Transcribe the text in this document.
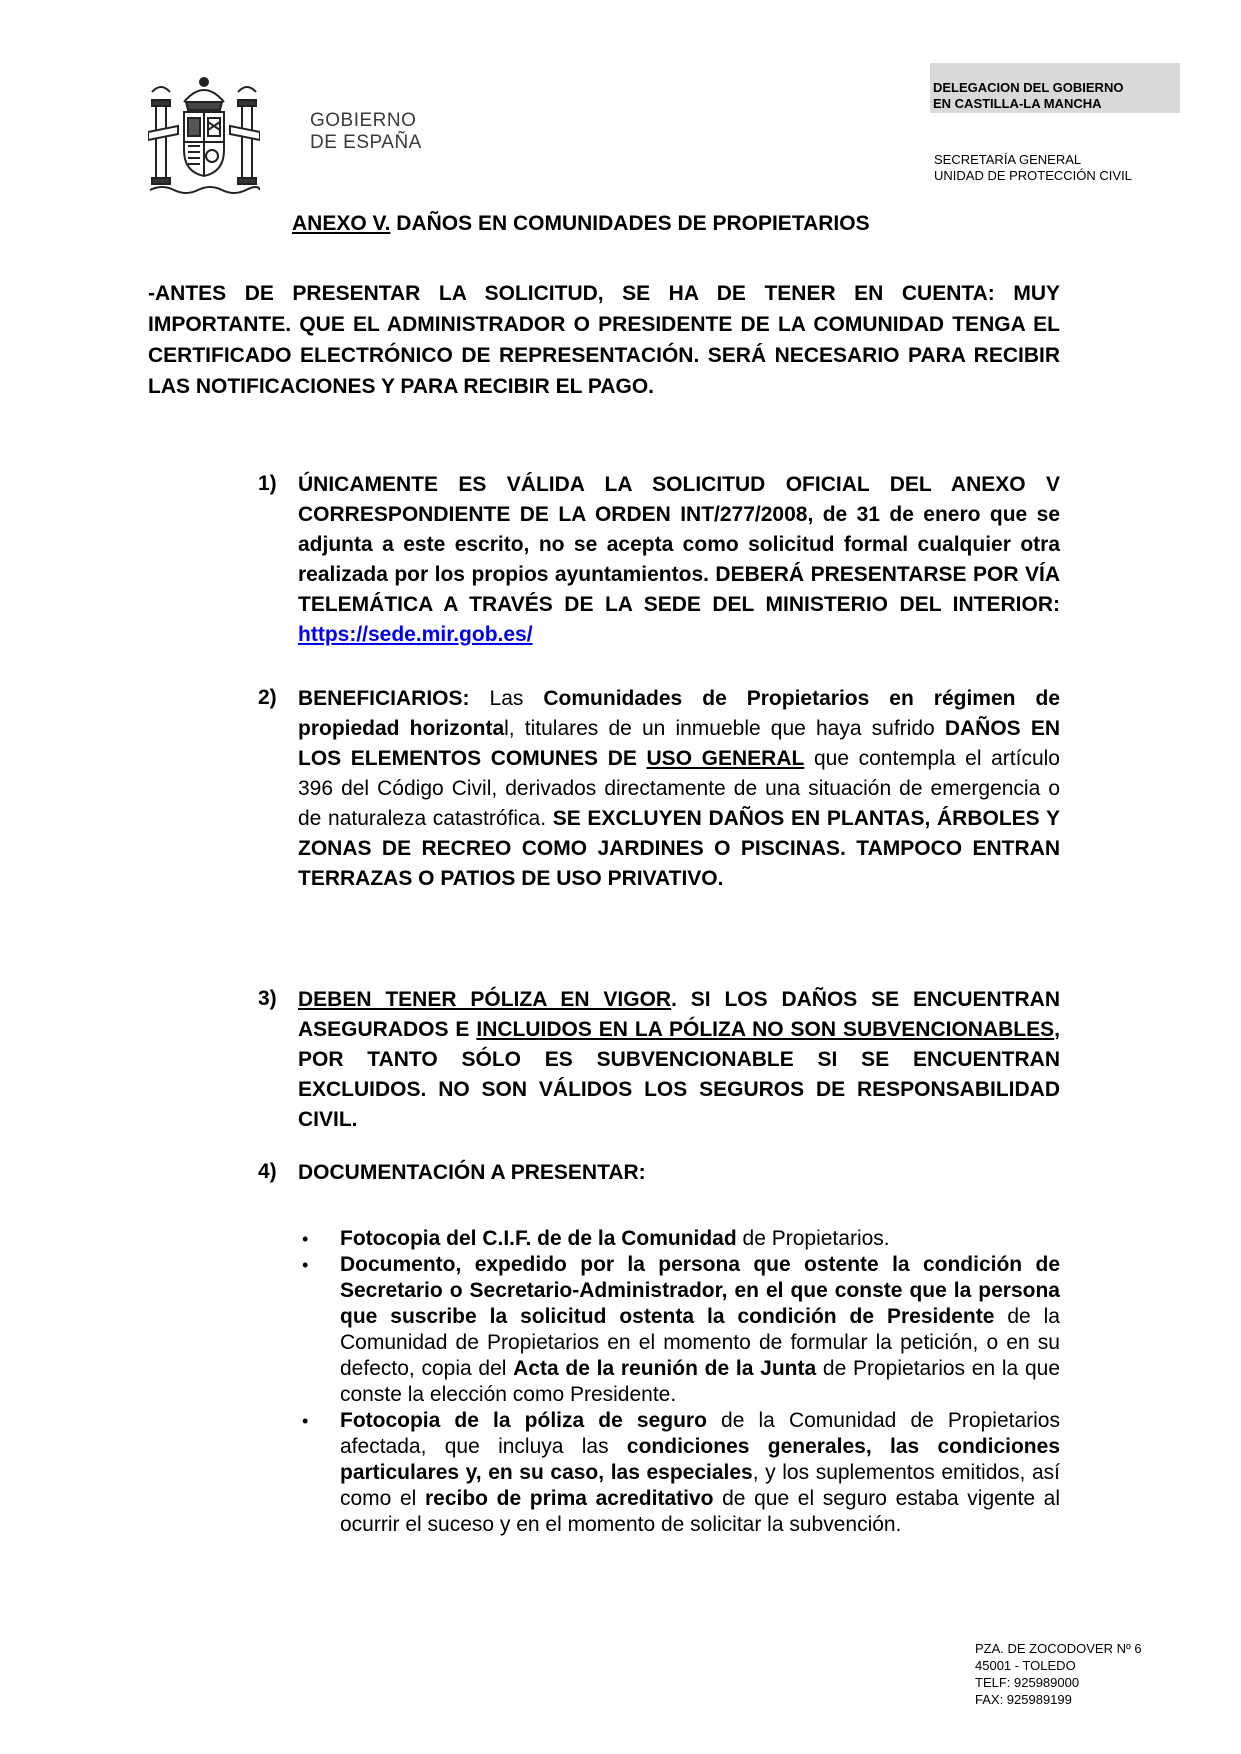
GOBIERNO
DE ESPAÑA
DELEGACION DEL GOBIERNO
EN CASTILLA-LA MANCHA
SECRETARÍA GENERAL
UNIDAD DE PROTECCIÓN CIVIL
ANEXO V. DAÑOS EN COMUNIDADES DE PROPIETARIOS
-ANTES DE PRESENTAR LA SOLICITUD, SE HA DE TENER EN CUENTA: MUY IMPORTANTE. QUE EL ADMINISTRADOR O PRESIDENTE DE LA COMUNIDAD TENGA EL CERTIFICADO ELECTRÓNICO DE REPRESENTACIÓN. SERÁ NECESARIO PARA RECIBIR LAS NOTIFICACIONES Y PARA RECIBIR EL PAGO.
1) ÚNICAMENTE ES VÁLIDA LA SOLICITUD OFICIAL DEL ANEXO V CORRESPONDIENTE DE LA ORDEN INT/277/2008, de 31 de enero que se adjunta a este escrito, no se acepta como solicitud formal cualquier otra realizada por los propios ayuntamientos. DEBERÁ PRESENTARSE POR VÍA TELEMÁTICA A TRAVÉS DE LA SEDE DEL MINISTERIO DEL INTERIOR: https://sede.mir.gob.es/
2) BENEFICIARIOS: Las Comunidades de Propietarios en régimen de propiedad horizontal, titulares de un inmueble que haya sufrido DAÑOS EN LOS ELEMENTOS COMUNES DE USO GENERAL que contempla el artículo 396 del Código Civil, derivados directamente de una situación de emergencia o de naturaleza catastrófica. SE EXCLUYEN DAÑOS EN PLANTAS, ÁRBOLES Y ZONAS DE RECREO COMO JARDINES O PISCINAS. TAMPOCO ENTRAN TERRAZAS O PATIOS DE USO PRIVATIVO.
3) DEBEN TENER PÓLIZA EN VIGOR. SI LOS DAÑOS SE ENCUENTRAN ASEGURADOS E INCLUIDOS EN LA PÓLIZA NO SON SUBVENCIONABLES, POR TANTO SÓLO ES SUBVENCIONABLE SI SE ENCUENTRAN EXCLUIDOS. NO SON VÁLIDOS LOS SEGUROS DE RESPONSABILIDAD CIVIL.
4) DOCUMENTACIÓN A PRESENTAR:
• Fotocopia del C.I.F. de de la Comunidad de Propietarios.
• Documento, expedido por la persona que ostente la condición de Secretario o Secretario-Administrador, en el que conste que la persona que suscribe la solicitud ostenta la condición de Presidente de la Comunidad de Propietarios en el momento de formular la petición, o en su defecto, copia del Acta de la reunión de la Junta de Propietarios en la que conste la elección como Presidente.
• Fotocopia de la póliza de seguro de la Comunidad de Propietarios afectada, que incluya las condiciones generales, las condiciones particulares y, en su caso, las especiales, y los suplementos emitidos, así como el recibo de prima acreditativo de que el seguro estaba vigente al ocurrir el suceso y en el momento de solicitar la subvención.
PZA. DE ZOCODOVER Nº 6
45001 - TOLEDO
TELF: 925989000
FAX: 925989199
